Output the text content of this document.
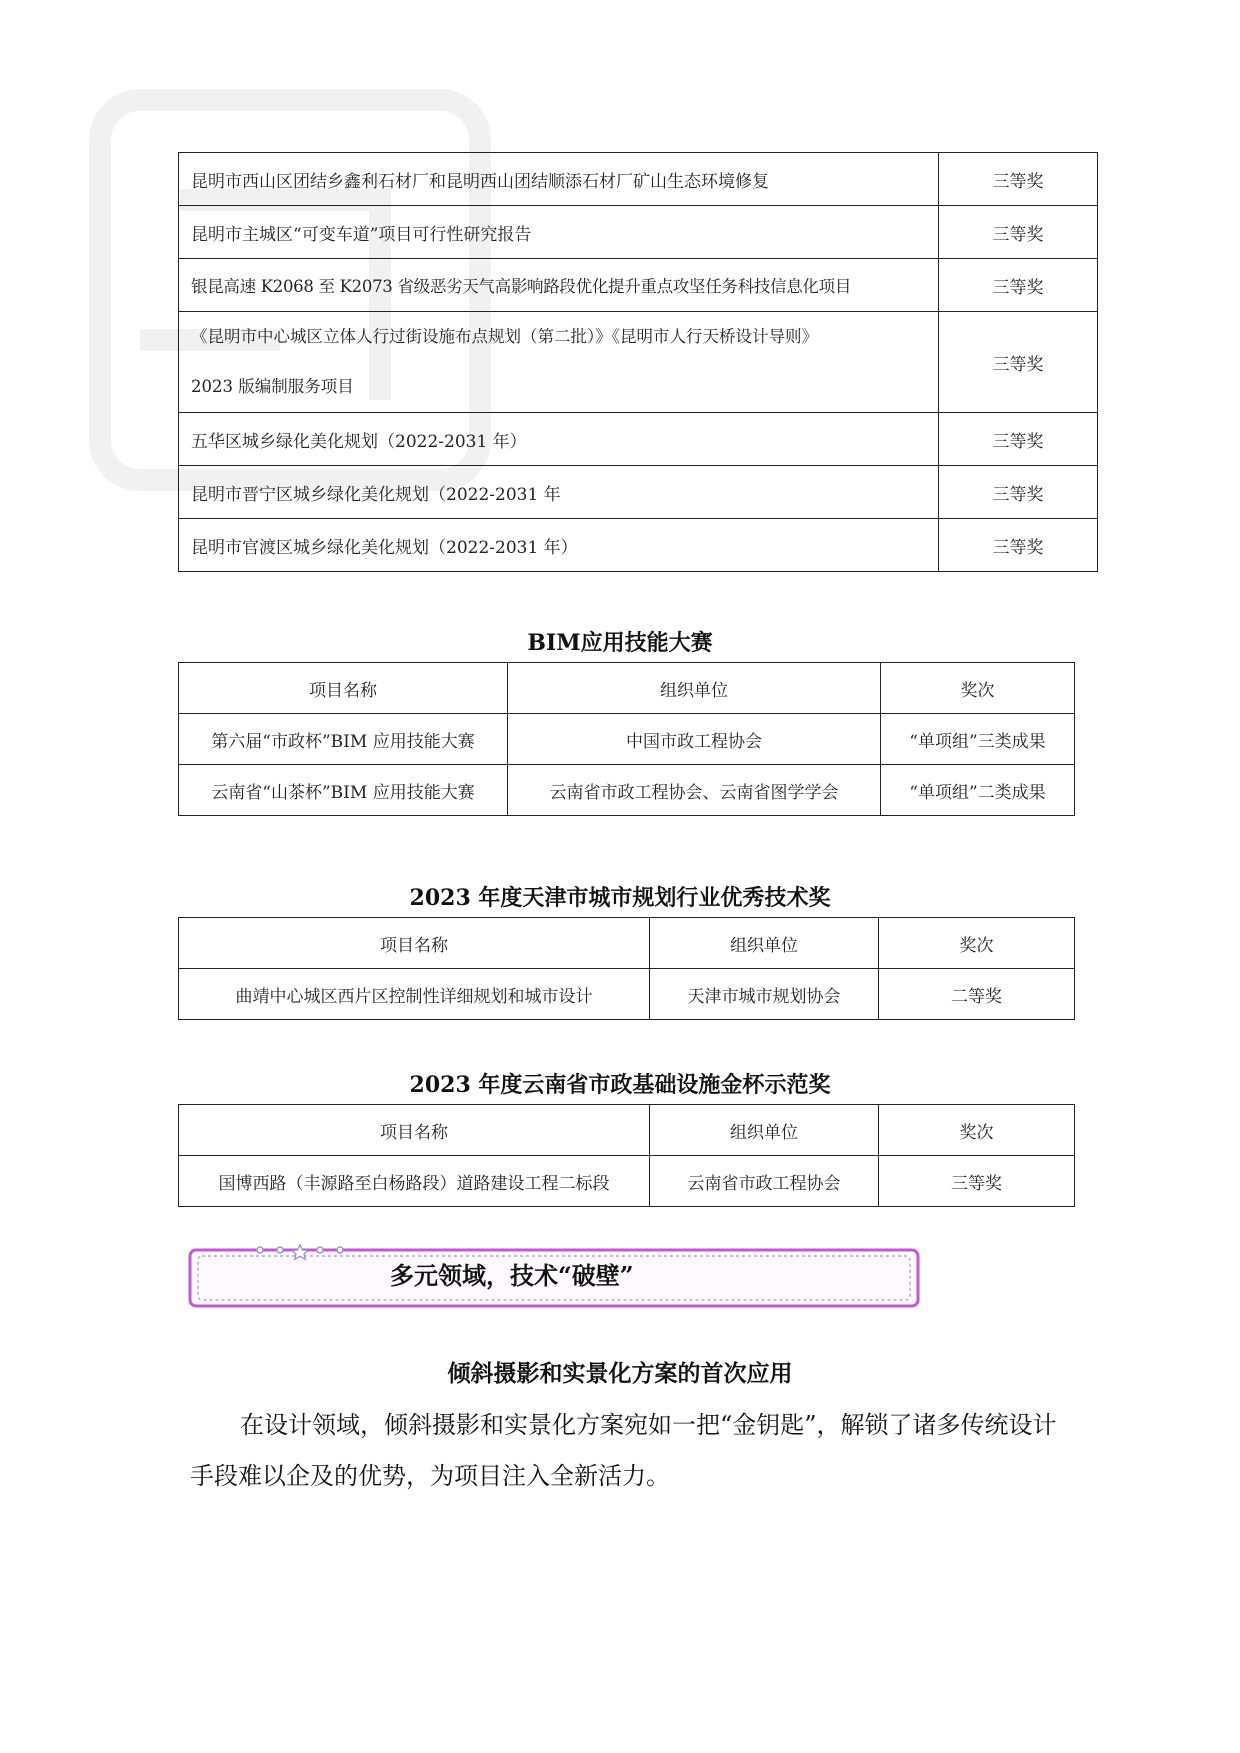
昆明市西山区团结乡鑫利石材厂和昆明西山团结顺添石材厂矿山生态环境修复	三等奖
昆明市主城区“可变车道”项目可行性研究报告	三等奖
银昆高速 K2068 至 K2073 省级恶劣天气高影响路段优化提升重点攻坚任务科技信息化项目	三等奖

《昆明市中心城区立体人行过街设施布点规划（第二批）》《昆明市人行天桥设计导则》
2023 版编制服务项目	三等奖
五华区城乡绿化美化规划（2022-2031 年）	三等奖
昆明市晋宁区城乡绿化美化规划（2022-2031 年	三等奖
昆明市官渡区城乡绿化美化规划（2022-2031 年）	三等奖
BIM应用技能大赛
项目名称	组织单位	奖次
第六届“市政杯”BIM 应用技能大赛	中国市政工程协会	“单项组”三类成果
云南省“山茶杯”BIM 应用技能大赛	云南省市政工程协会、云南省图学学会	“单项组”二类成果
2023 年度天津市城市规划行业优秀技术奖
项目名称	组织单位	奖次
曲靖中心城区西片区控制性详细规划和城市设计	天津市城市规划协会	二等奖
2023 年度云南省市政基础设施金杯示范奖
项目名称	组织单位	奖次
国博西路（丰源路至白杨路段）道路建设工程二标段	云南省市政工程协会	三等奖
多元领域，技术“破壁”
倾斜摄影和实景化方案的首次应用
在设计领域，倾斜摄影和实景化方案宛如一把“金钥匙”，解锁了诸多传统设计手段难以企及的优势，为项目注入全新活力。
